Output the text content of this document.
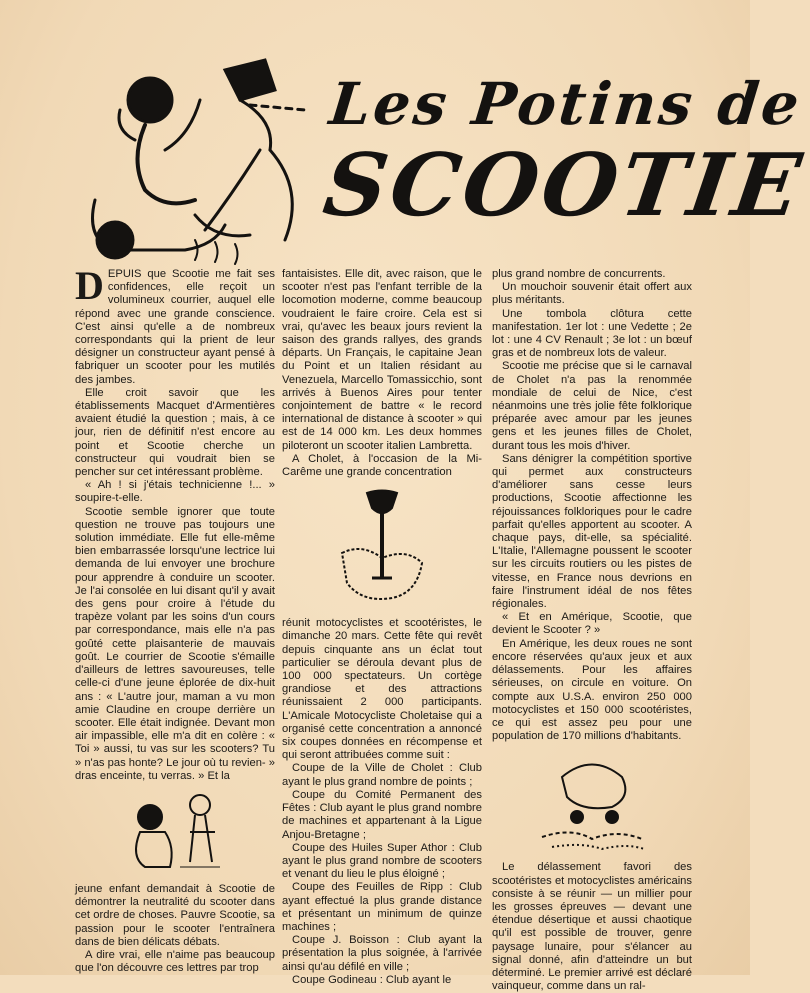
Les Potins de
SCOOTIE

DEPUIS que Scootie me fait ses confidences, elle reçoit un volumineux courrier, auquel elle répond avec une grande conscience. C'est ainsi qu'elle a de nombreux correspondants qui la prient de leur désigner un constructeur ayant pensé à fabriquer un scooter pour les mutilés des jambes.

Elle croit savoir que les établissements Macquet d'Armentières avaient étudié la question ; mais, à ce jour, rien de définitif n'est encore au point et Scootie cherche un constructeur qui voudrait bien se pencher sur cet intéressant problème.

« Ah ! si j'étais technicienne !... » soupire-t-elle.

Scootie semble ignorer que toute question ne trouve pas toujours une solution immédiate. Elle fut elle-même bien embarrassée lorsqu'une lectrice lui demanda de lui envoyer une brochure pour apprendre à conduire un scooter. Je l'ai consolée en lui disant qu'il y avait des gens pour croire à l'étude du trapèze volant par les soins d'un cours par correspondance, mais elle n'a pas goûté cette plaisanterie de mauvais goût. Le courrier de Scootie s'émaille d'ailleurs de lettres savoureuses, telle celle-ci d'une jeune éplorée de dix-huit ans : « L'autre jour, maman a vu mon amie Claudine en croupe derrière un scooter. Elle était indignée. Devant mon air impassible, elle m'a dit en colère : « Toi » aussi, tu vas sur les scooters? Tu » n'as pas honte? Le jour où tu revien- » dras enceinte, tu verras. » Et la

jeune enfant demandait à Scootie de démontrer la neutralité du scooter dans cet ordre de choses. Pauvre Scootie, sa passion pour le scooter l'entraînera dans de bien délicats débats.

A dire vrai, elle n'aime pas beaucoup que l'on découvre ces lettres par trop

fantaisistes. Elle dit, avec raison, que le scooter n'est pas l'enfant terrible de la locomotion moderne, comme beaucoup voudraient le faire croire. Cela est si vrai, qu'avec les beaux jours revient la saison des grands rallyes, des grands départs. Un Français, le capitaine Jean du Point et un Italien résidant au Venezuela, Marcello Tomassicchio, sont arrivés à Buenos Aires pour tenter conjointement de battre « le record international de distance à scooter » qui est de 14 000 km. Les deux hommes piloteront un scooter italien Lambretta.

A Cholet, à l'occasion de la Mi-Carême une grande concentration

réunit motocyclistes et scootéristes, le dimanche 20 mars. Cette fête qui revêt depuis cinquante ans un éclat tout particulier se déroula devant plus de 100 000 spectateurs. Un cortège grandiose et des attractions réunissaient 2 000 participants. L'Amicale Motocycliste Choletaise qui a organisé cette concentration a annoncé six coupes données en récompense et qui seront attribuées comme suit :

Coupe de la Ville de Cholet : Club ayant le plus grand nombre de points ;

Coupe du Comité Permanent des Fêtes : Club ayant le plus grand nombre de machines et appartenant à la Ligue Anjou-Bretagne ;

Coupe des Huiles Super Athor : Club ayant le plus grand nombre de scooters et venant du lieu le plus éloigné ;

Coupe des Feuilles de Ripp : Club ayant effectué la plus grande distance et présentant un minimum de quinze machines ;

Coupe J. Boisson : Club ayant la présentation la plus soignée, à l'arrivée ainsi qu'au défilé en ville ;

Coupe Godineau : Club ayant le

plus grand nombre de concurrents.

Un mouchoir souvenir était offert aux plus méritants.

Une tombola clôtura cette manifestation. 1er lot : une Vedette ; 2e lot : une 4 CV Renault ; 3e lot : un bœuf gras et de nombreux lots de valeur.

Scootie me précise que si le carnaval de Cholet n'a pas la renommée mondiale de celui de Nice, c'est néanmoins une très jolie fête folklorique préparée avec amour par les jeunes gens et les jeunes filles de Cholet, durant tous les mois d'hiver.

Sans dénigrer la compétition sportive qui permet aux constructeurs d'améliorer sans cesse leurs productions, Scootie affectionne les réjouissances folkloriques pour le cadre parfait qu'elles apportent au scooter. A chaque pays, dit-elle, sa spécialité. L'Italie, l'Allemagne poussent le scooter sur les circuits routiers ou les pistes de vitesse, en France nous devrions en faire l'instrument idéal de nos fêtes régionales.

« Et en Amérique, Scootie, que devient le Scooter ? »

En Amérique, les deux roues ne sont encore réservées qu'aux jeux et aux délassements. Pour les affaires sérieuses, on circule en voiture. On compte aux U.S.A. environ 250 000 motocyclistes et 150 000 scootéristes, ce qui est assez peu pour une population de 170 millions d'habitants.

Le délassement favori des scootéristes et motocyclistes américains consiste à se réunir — un millier pour les grosses épreuves — devant une étendue désertique et aussi chaotique qu'il est possible de trouver, genre paysage lunaire, pour s'élancer au signal donné, afin d'atteindre un but déterminé. Le premier arrivé est déclaré vainqueur, comme dans un ral-
